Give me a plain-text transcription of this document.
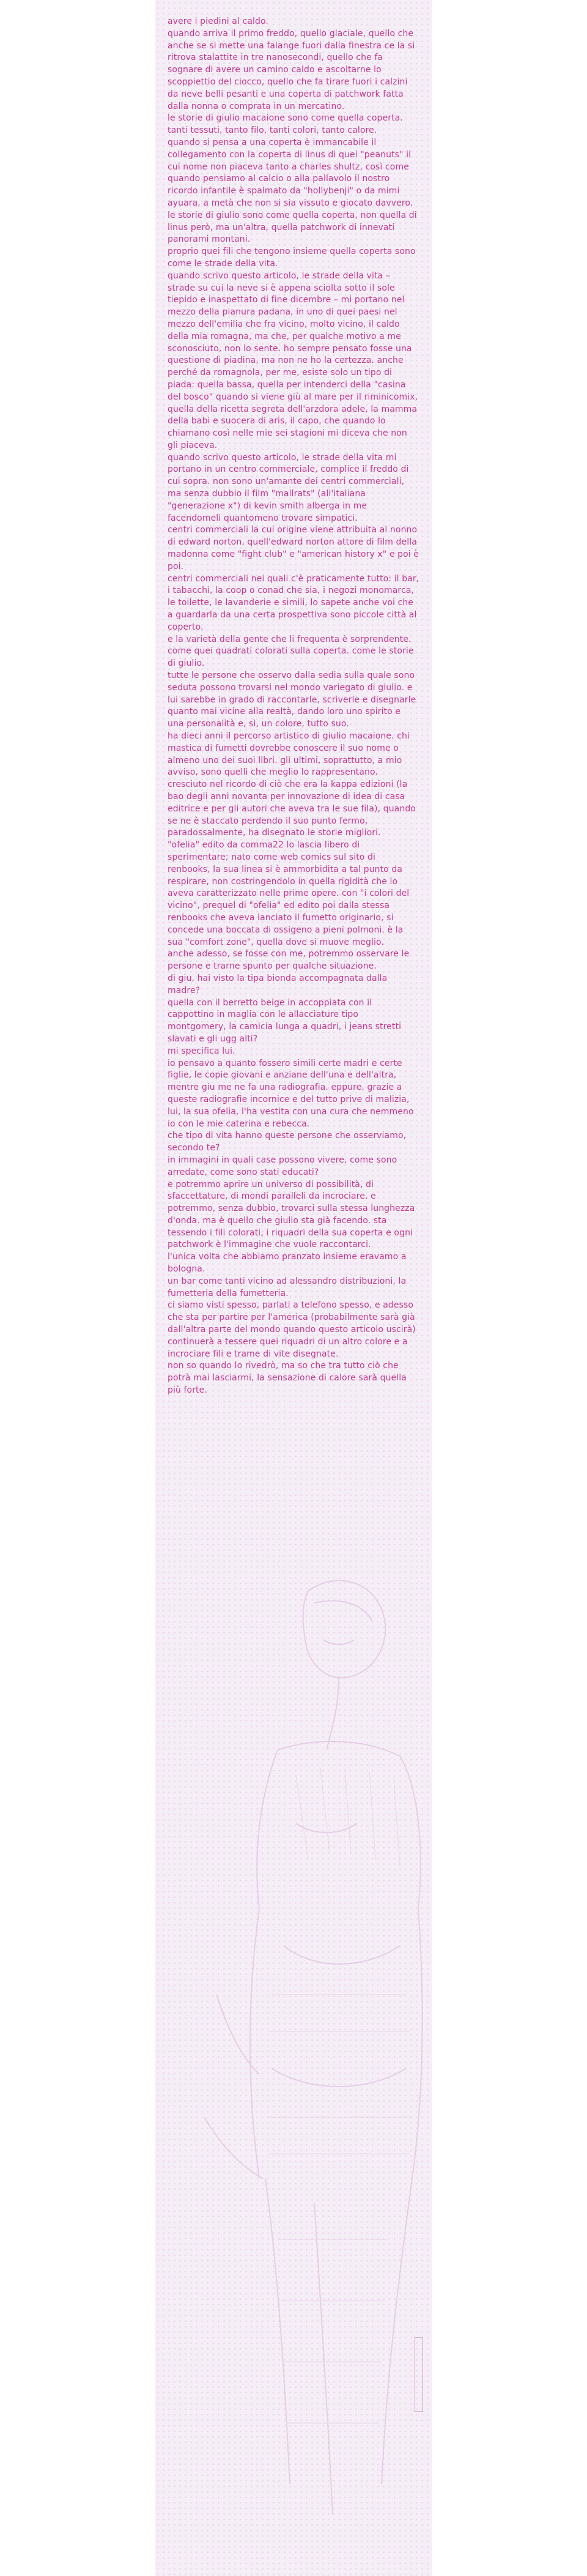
avere i piedini al caldo.

quando arriva il primo freddo, quello glaciale, quello che anche se si mette una falange fuori dalla finestra ce la si ritrova stalattite in tre nanosecondi, quello che fa sognare di avere un camino caldo e ascoltarne lo scoppiettio del ciocco, quello che fa tirare fuori i calzini da neve belli pesanti e una coperta di patchwork fatta dalla nonna o comprata in un mercatino.

le storie di giulio macaione sono come quella coperta. tanti tessuti, tanto filo, tanti colori, tanto calore.

quando si pensa a una coperta è immancabile il collegamento con la coperta di linus di quei "peanuts" il cui nome non piaceva tanto a charles shultz, così come quando pensiamo al calcio o alla pallavolo il nostro ricordo infantile è spalmato da "hollybenji" o da mimi ayuara, a metà che non si sia vissuto e giocato davvero.

le storie di giulio sono come quella coperta, non quella di linus però, ma un'altra, quella patchwork di innevati panorami montani.

proprio quei fili che tengono insieme quella coperta sono come le strade della vita.

quando scrivo questo articolo, le strade della vita – strade su cui la neve si è appena sciolta sotto il sole tiepido e inaspettato di fine dicembre – mi portano nel mezzo della pianura padana, in uno di quei paesi nel mezzo dell'emilia che fra vicino, molto vicino, il caldo della mia romagna, ma che, per qualche motivo a me sconosciuto, non lo sente. ho sempre pensato fosse una questione di piadina, ma non ne ho la certezza. anche perché da romagnola, per me, esiste solo un tipo di piada: quella bassa, quella per intenderci della "casina del bosco" quando si viene giù al mare per il riminicomix, quella della ricetta segreta dell'arzdora adele, la mamma della babi e suocera di aris, il capo, che quando lo chiamano così nelle mie sei stagioni mi dicevа che non gli piaceva.

quando scrivo questo articolo, le strade della vita mi portano in un centro commerciale, complice il freddo di cui sopra. non sono un'amante dei centri commerciali, ma senza dubbio il film "mallrats" (all'italiana "generazione x") di kevin smith alberga in me facendomeli quantomeno trovare simpatici.

centri commerciali la cui origine viene attribuita al nonno di edward norton, quell'edward norton attore di film della madonna come "fight club" e "american history x" e poi è poi.

centri commerciali nei quali c'è praticamente tutto: il bar, i tabacchi, la coop o conad che sia, i negozi monomarca, le toilette, le lavanderie e simili, lo sapete anche voi che a guardarla da una certa prospettiva sono piccole città al coperto.

e la varietà della gente che li frequenta è sorprendente.

come quei quadrati colorati sulla coperta. come le storie di giulio.

tutte le persone che osservo dalla sedia sulla quale sono seduta possono trovarsi nel mondo variegato di giulio. e lui sarebbe in grado di raccontarle, scriverle e disegnarle quanto mai vicine alla realtà, dando loro uno spirito e una personalità e, sì, un colore, tutto suo.

ha dieci anni il percorso artistico di giulio macaione. chi mastica di fumetti dovrebbe conoscere il suo nome o almeno uno dei suoi libri. gli ultimi, soprattutto, a mio avviso, sono quelli che meglio lo rappresentano. cresciuto nel ricordo di ciò che era la kappa edizioni (la bao degli anni novanta per innovazione di idea di casa editrice e per gli autori che aveva tra le sue fila), quando se ne è staccato perdendo il suo punto fermo, paradossalmente, ha disegnato le storie migliori.

"ofelia" edito da comma22 lo lascia libero di sperimentare; nato come web comics sul sito di renbooks, la sua linea si è ammorbidita a tal punto da respirare, non costringendolo in quella rigidità che lo aveva caratterizzato nelle prime opere. con "i colori del vicino", prequel di "ofelia" ed edito poi dalla stessa renbooks che aveva lanciato il fumetto originario, si concede una boccata di ossigeno a pieni polmoni. è la sua "comfort zone", quella dove si muove meglio.

anche adesso, se fosse con me, potremmo osservare le persone e trarne spunto per qualche situazione.

di giu, hai visto la tipa bionda accompagnata dalla madre?

quella con il berretto beige in accoppiata con il cappottino in maglia con le allacciature tipo montgomery, la camicia lunga a quadri, i jeans stretti slavati e gli ugg alti?

mi specifica lui.

io pensavo a quanto fossero simili certe madri e certe figlie, le copie giovani e anziane dell'una e dell'altra, mentre giu me ne fa una radiografia. eppure, grazie a queste radiografie incornice e del tutto prive di malizia, lui, la sua ofelia, l'ha vestita con una cura che nemmeno io con le mie caterina e rebecca.

che tipo di vita hanno queste persone che osserviamo, secondo te?

in immagini in quali case possono vivere, come sono arredate, come sono stati educati?

e potremmo aprire un universo di possibilità, di sfaccettature, di mondi paralleli da incrociare. e potremmo, senza dubbio, trovarci sulla stessa lunghezza d'onda. ma è quello che giulio sta già facendo. sta tessendo i fili colorati, i riquadri della sua coperta e ogni patchwork è l'immagine che vuole raccontarci.

l'unica volta che abbiamo pranzato insieme eravamo a bologna.

un bar come tanti vicino ad alessandro distribuzioni, la fumetteria della fumetteria.

ci siamo visti spesso, parlati a telefono spesso, e adesso che sta per partire per l'america (probabilmente sarà già dall'altra parte del mondo quando questo articolo uscirà) continuerà a tessere quei riquadri di un altro colore e a incrociare fili e trame di vite disegnate.

non so quando lo rivedrò, ma so che tra tutto ciò che potrà mai lasciarmi, la sensazione di calore sarà quella più forte.
